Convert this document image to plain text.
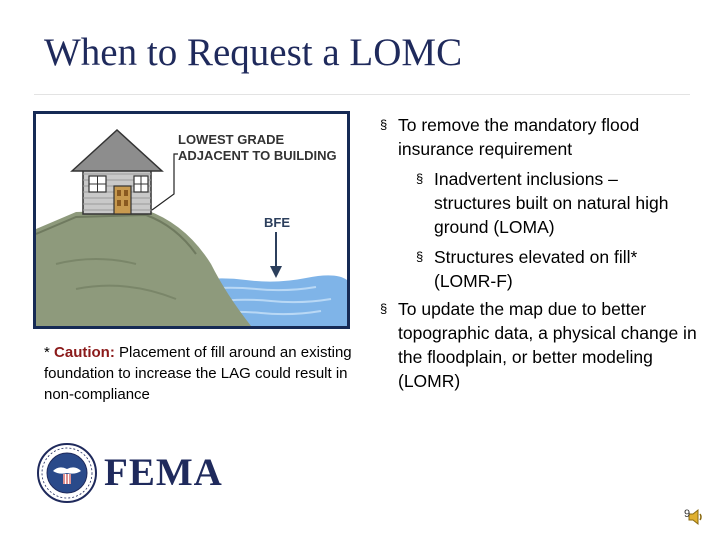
When to Request a LOMC
LOWEST GRADE
ADJACENT TO BUILDING
BFE
* Caution: Placement of fill around an existing foundation to increase the LAG could result in non-compliance
§ To remove the mandatory flood insurance requirement
§ Inadvertent inclusions – structures built on natural high ground (LOMA)
§ Structures elevated on fill* (LOMR-F)
§ To update the map due to better topographic data, a physical change in the floodplain, or better modeling (LOMR)
FEMA
9
